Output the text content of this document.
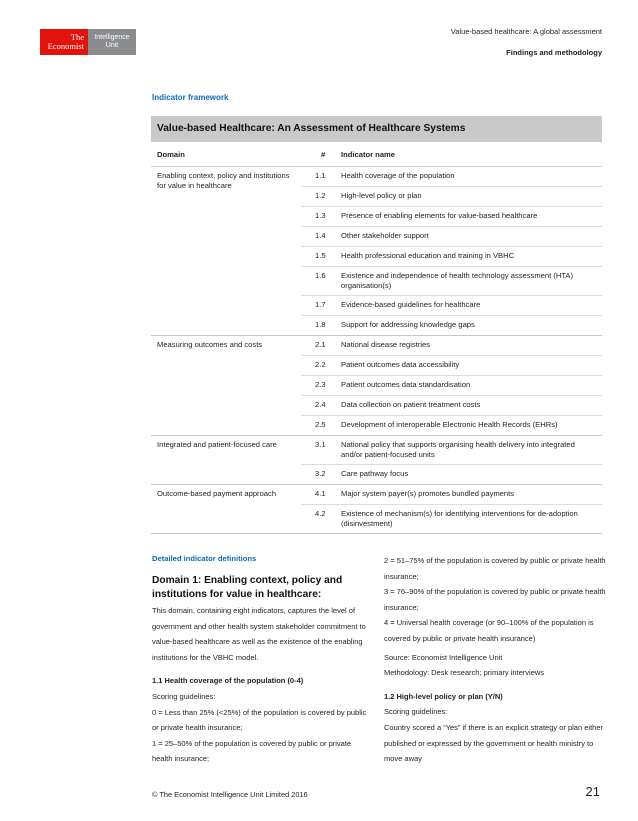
The
Economist
Intelligence
Unit
Value-based healthcare: A global assessment
Findings and methodology
Indicator framework
Value-based Healthcare: An Assessment of Healthcare Systems
Domain	#	Indicator name
Enabling context, policy and institutions for value in healthcare
1.1	Health coverage of the population
1.2	High-level policy or plan
1.3	Presence of enabling elements for value-based healthcare
1.4	Other stakeholder support
1.5	Health professional education and training in VBHC
1.6	Existence and independence of health technology assessment (HTA) organisation(s)
1.7	Evidence-based guidelines for healthcare
1.8	Support for addressing knowledge gaps
Measuring outcomes and costs	2.1	National disease registries
2.2	Patient outcomes data accessibility
2.3	Patient outcomes data standardisation
2.4	Data collection on patient treatment costs
2.5	Development of interoperable Electronic Health Records (EHRs)
Integrated and patient-focused care	3.1	National policy that supports organising health delivery into integrated and/or patient-focused units
3.2	Care pathway focus
Outcome-based payment approach	4.1	Major system payer(s) promotes bundled payments
4.2	Existence of mechanism(s) for identifying interventions for de-adoption (disinvestment)

Detailed indicator definitions

Domain 1: Enabling context, policy and institutions for value in healthcare:

This domain, containing eight indicators, captures the level of government and other health system stakeholder commitment to value-based healthcare as well as the existence of the enabling institutions for the VBHC model.

1.1 Health coverage of the population (0-4)

Scoring guidelines:

0 = Less than 25% (<25%) of the population is covered by public or private health insurance;

1 = 25–50% of the population is covered by public or private health insurance;

2 = 51–75% of the population is covered by public or private health insurance;

3 = 76–90% of the population is covered by public or private health insurance;

4 = Universal health coverage (or 90–100% of the population is covered by public or private health insurance)

Source: Economist Intelligence Unit

Methodology: Desk research; primary interviews

1.2 High-level policy or plan (Y/N)

Scoring guidelines:

Country scored a “Yes” if there is an explicit strategy or plan either published or expressed by the government or health ministry to move away

© The Economist Intelligence Unit Limited 2016	21
